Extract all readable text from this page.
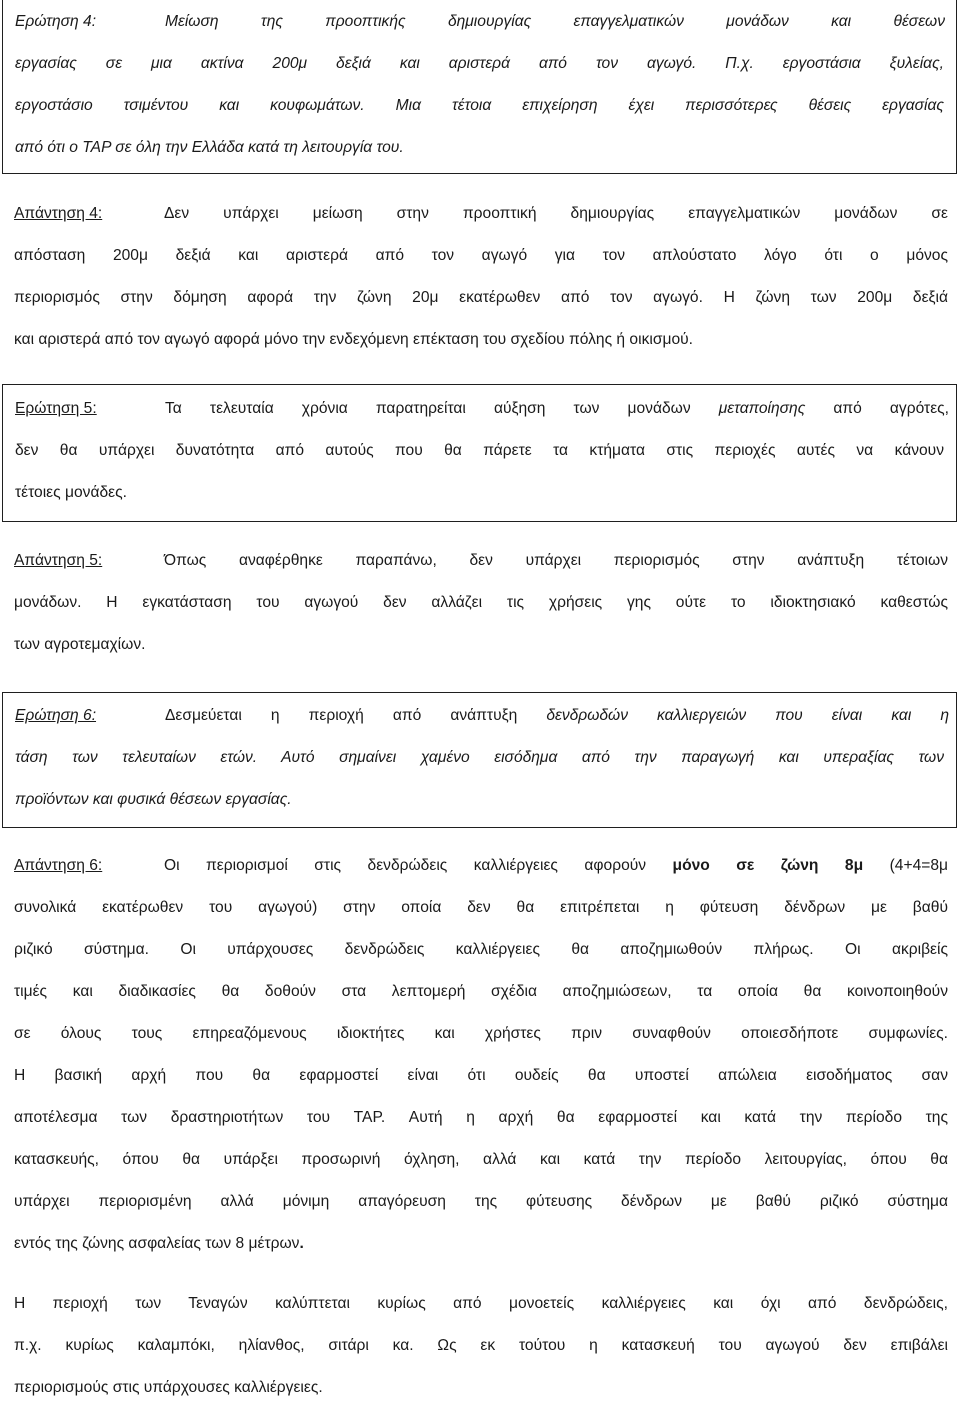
Ερώτηση 4:	Μείωση της προοπτικής δημιουργίας επαγγελματικών μονάδων και θέσεων
εργασίας σε μια ακτίνα 200μ δεξιά και αριστερά από τον αγωγό. Π.χ. εργοστάσια ξυλείας,
εργοστάσιο τσιμέντου και κουφωμάτων. Μια τέτοια επιχείρηση έχει περισσότερες θέσεις εργασίας
από ότι ο TAP σε όλη την Ελλάδα κατά τη λειτουργία του.
Απάντηση 4:	Δεν υπάρχει μείωση στην προοπτική δημιουργίας επαγγελματικών μονάδων σε
απόσταση 200μ δεξιά και αριστερά από τον αγωγό για τον απλούστατο λόγο ότι ο μόνος
περιορισμός στην δόμηση αφορά την ζώνη 20μ εκατέρωθεν από τον αγωγό. Η ζώνη των 200μ δεξιά
και αριστερά από τον αγωγό αφορά μόνο την ενδεχόμενη επέκταση του σχεδίου πόλης ή οικισμού.
Ερώτηση 5:	Τα τελευταία χρόνια παρατηρείται αύξηση των μονάδων μεταποίησης από αγρότες,
δεν θα υπάρχει δυνατότητα από αυτούς που θα πάρετε τα κτήματα στις περιοχές αυτές να κάνουν
τέτοιες μονάδες.
Απάντηση 5:	Όπως αναφέρθηκε παραπάνω, δεν υπάρχει περιορισμός στην ανάπτυξη τέτοιων
μονάδων. Η εγκατάσταση του αγωγού δεν αλλάζει τις χρήσεις γης ούτε το ιδιοκτησιακό καθεστώς
των αγροτεμαχίων.
Ερώτηση 6:	Δεσμεύεται η περιοχή από ανάπτυξη δενδρωδών καλλιεργειών που είναι και η
τάση των τελευταίων ετών. Αυτό σημαίνει χαμένο εισόδημα από την παραγωγή και υπεραξίας των
προϊόντων και φυσικά θέσεων εργασίας.
Απάντηση 6:	Οι περιορισμοί στις δενδρώδεις καλλιέργειες αφορούν μόνο σε ζώνη 8μ (4+4=8μ
συνολικά εκατέρωθεν του αγωγού) στην οποία δεν θα επιτρέπεται η φύτευση δένδρων με βαθύ
ριζικό σύστημα. Οι υπάρχουσες δενδρώδεις καλλιέργειες θα αποζημιωθούν πλήρως. Οι ακριβείς
τιμές και διαδικασίες θα δοθούν στα λεπτομερή σχέδια αποζημιώσεων, τα οποία θα κοινοποιηθούν
σε όλους τους επηρεαζόμενους ιδιοκτήτες και χρήστες πριν συναφθούν οποιεσδήποτε συμφωνίες.
Η βασική αρχή που θα εφαρμοστεί είναι ότι ουδείς θα υποστεί απώλεια εισοδήματος σαν
αποτέλεσμα των δραστηριοτήτων του TAP. Αυτή η αρχή θα εφαρμοστεί και κατά την περίοδο της
κατασκευής, όπου θα υπάρξει προσωρινή όχληση, αλλά και κατά την περίοδο λειτουργίας, όπου θα
υπάρχει περιορισμένη αλλά μόνιμη απαγόρευση της φύτευσης δένδρων με βαθύ ριζικό σύστημα
εντός της ζώνης ασφαλείας των 8 μέτρων.
Η περιοχή των Τεναγών καλύπτεται κυρίως από μονοετείς καλλιέργειες και όχι από δενδρώδεις,
π.χ. κυρίως καλαμπόκι, ηλίανθος, σιτάρι κα. Ως εκ τούτου η κατασκευή του αγωγού δεν επιβάλει
περιορισμούς στις υπάρχουσες καλλιέργειες.
